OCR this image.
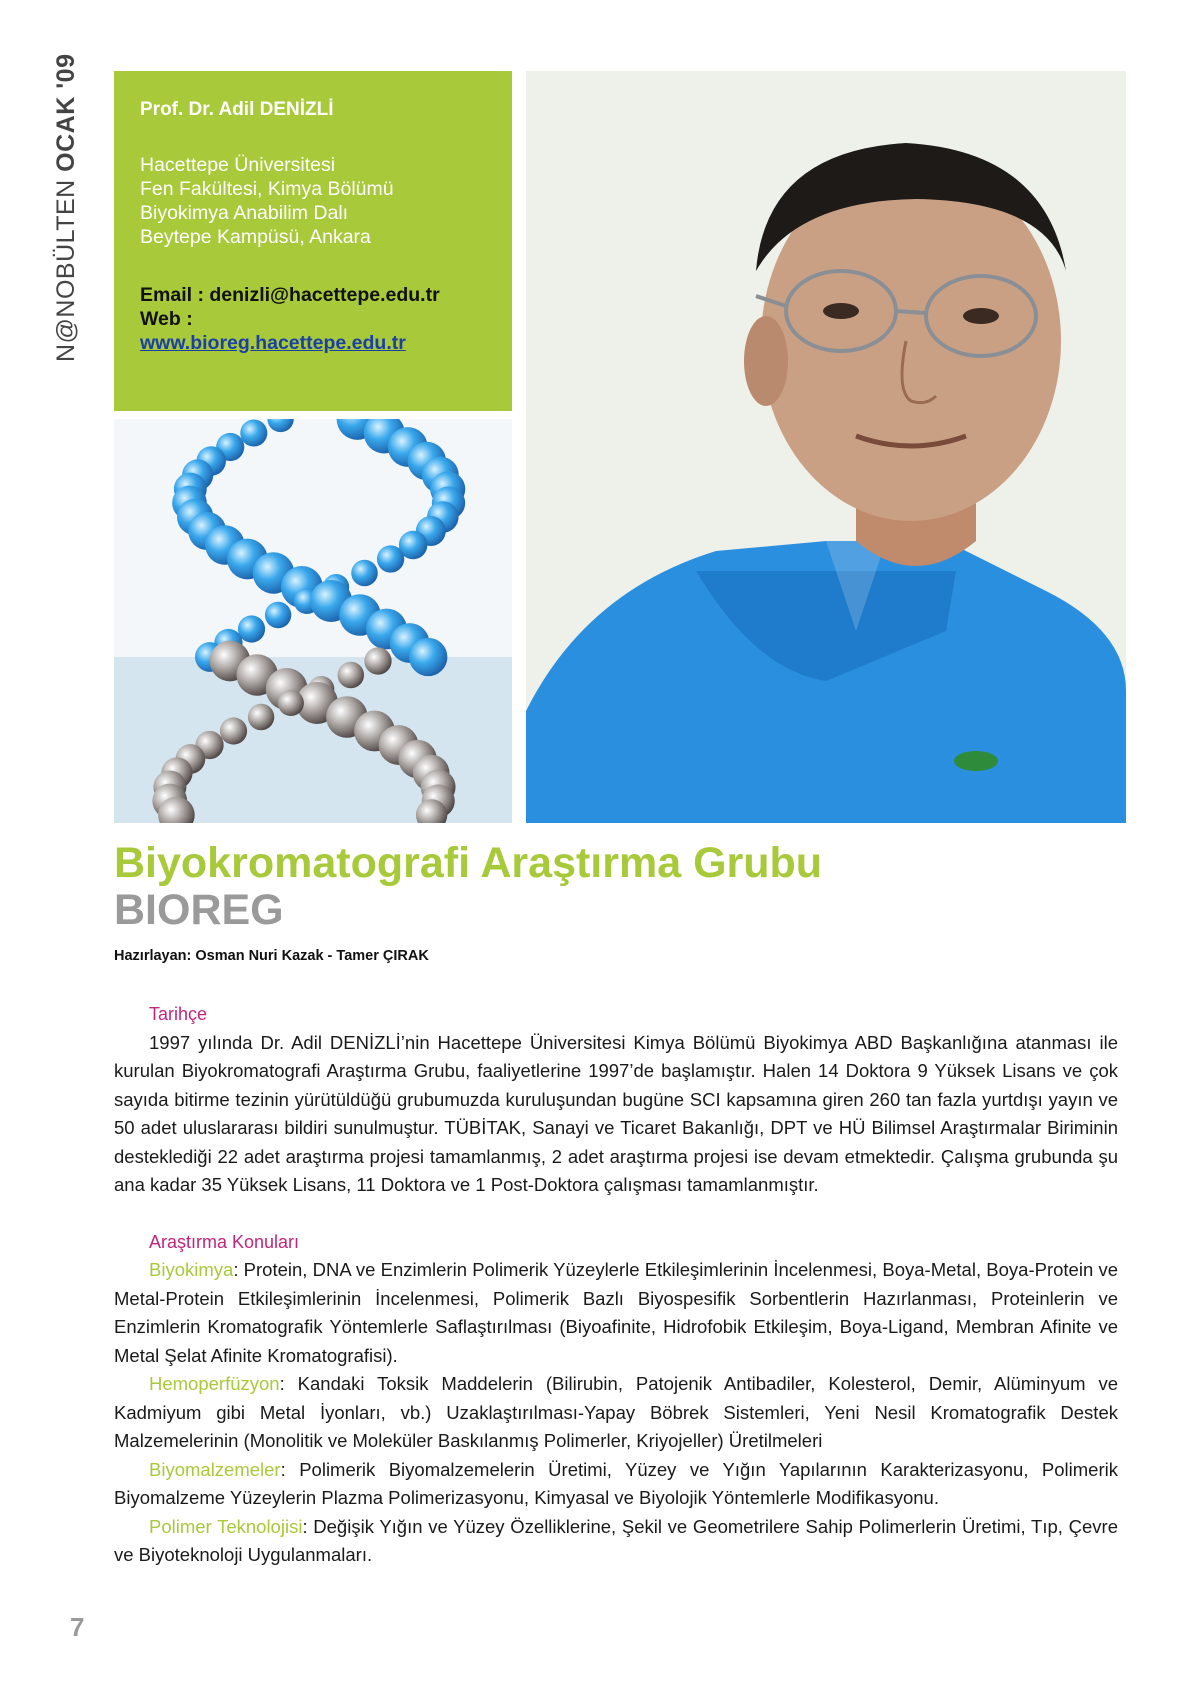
N@NOBÜLTEN OCAK '09	Prof. Dr. Adil DENİZLİ
Hacettepe Üniversitesi
Fen Fakültesi, Kimya Bölümü
Biyokimya Anabilim Dalı
Beytepe Kampüsü, Ankara
Email : denizli@hacettepe.edu.tr
Web :
www.bioreg.hacettepe.edu.tr
Biyokromatografi Araştırma Grubu
BIOREG
Hazırlayan: Osman Nuri Kazak - Tamer ÇIRAK
Tarihçe

1997 yılında Dr. Adil DENİZLİ’nin Hacettepe Üniversitesi Kimya Bölümü Biyokimya ABD Başkanlığına atanması ile kurulan Biyokromatografi Araştırma Grubu, faaliyetlerine 1997’de başlamıştır. Halen 14 Doktora 9 Yüksek Lisans ve çok sayıda bitirme tezinin yürütüldüğü grubumuzda kuruluşundan bugüne SCI kapsamına giren 260 tan fazla yurtdışı yayın ve 50 adet uluslararası bildiri sunulmuştur. TÜBİTAK, Sanayi ve Ticaret Bakanlığı, DPT ve HÜ Bilimsel Araştırmalar Biriminin desteklediği 22 adet araştırma projesi tamamlanmış, 2 adet araştırma projesi ise devam etmektedir. Çalışma grubunda şu ana kadar 35 Yüksek Lisans, 11 Doktora ve 1 Post-Doktora çalışması tamamlanmıştır.

Araştırma Konuları

Biyokimya: Protein, DNA ve Enzimlerin Polimerik Yüzeylerle Etkileşimlerinin İncelenmesi, Boya-Metal, Boya-Protein ve Metal-Protein Etkileşimlerinin İncelenmesi, Polimerik Bazlı Biyospesifik Sorbentlerin Hazırlanması, Proteinlerin ve Enzimlerin Kromatografik Yöntemlerle Saflaştırılması (Biyoafinite, Hidrofobik Etkileşim, Boya-Ligand, Membran Afinite ve Metal Şelat Afinite Kromatografisi).

Hemoperfüzyon: Kandaki Toksik Maddelerin (Bilirubin, Patojenik Antibadiler, Kolesterol, Demir, Alüminyum ve Kadmiyum gibi Metal İyonları, vb.) Uzaklaştırılması-Yapay Böbrek Sistemleri, Yeni Nesil Kromatografik Destek Malzemelerinin (Monolitik ve Moleküler Baskılanmış Polimerler, Kriyojeller) Üretilmeleri

Biyomalzemeler: Polimerik Biyomalzemelerin Üretimi, Yüzey ve Yığın Yapılarının Karakterizasyonu, Polimerik Biyomalzeme Yüzeylerin Plazma Polimerizasyonu, Kimyasal ve Biyolojik Yöntemlerle Modifikasyonu.

Polimer Teknolojisi: Değişik Yığın ve Yüzey Özelliklerine, Şekil ve Geometrilere Sahip Polimerlerin Üretimi, Tıp, Çevre ve Biyoteknoloji Uygulanmaları.

7
